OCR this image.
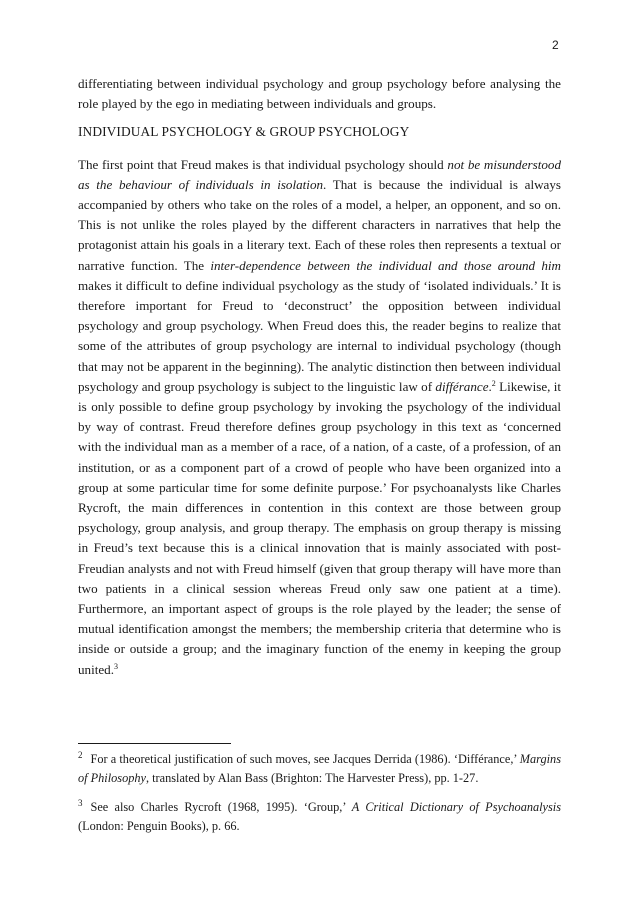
2

differentiating between individual psychology and group psychology before analysing the role played by the ego in mediating between individuals and groups.

INDIVIDUAL PSYCHOLOGY & GROUP PSYCHOLOGY

The first point that Freud makes is that individual psychology should not be misunderstood as the behaviour of individuals in isolation. That is because the individual is always accompanied by others who take on the roles of a model, a helper, an opponent, and so on. This is not unlike the roles played by the different characters in narratives that help the protagonist attain his goals in a literary text. Each of these roles then represents a textual or narrative function. The inter-dependence between the individual and those around him makes it difficult to define individual psychology as the study of ‘isolated individuals.’ It is therefore important for Freud to ‘deconstruct’ the opposition between individual psychology and group psychology. When Freud does this, the reader begins to realize that some of the attributes of group psychology are internal to individual psychology (though that may not be apparent in the beginning). The analytic distinction then between individual psychology and group psychology is subject to the linguistic law of différance.$^2$ Likewise, it is only possible to define group psychology by invoking the psychology of the individual by way of contrast. Freud therefore defines group psychology in this text as ‘concerned with the individual man as a member of a race, of a nation, of a caste, of a profession, of an institution, or as a component part of a crowd of people who have been organized into a group at some particular time for some definite purpose.’ For psychoanalysts like Charles Rycroft, the main differences in contention in this context are those between group psychology, group analysis, and group therapy. The emphasis on group therapy is missing in Freud’s text because this is a clinical innovation that is mainly associated with post-Freudian analysts and not with Freud himself (given that group therapy will have more than two patients in a clinical session whereas Freud only saw one patient at a time). Furthermore, an important aspect of groups is the role played by the leader; the sense of mutual identification amongst the members; the membership criteria that determine who is inside or outside a group; and the imaginary function of the enemy in keeping the group united.$^3$

$^2$ For a theoretical justification of such moves, see Jacques Derrida (1986). ‘Différance,’ Margins of Philosophy, translated by Alan Bass (Brighton: The Harvester Press), pp. 1-27.

$^3$ See also Charles Rycroft (1968, 1995). ‘Group,’ A Critical Dictionary of Psychoanalysis (London: Penguin Books), p. 66.
